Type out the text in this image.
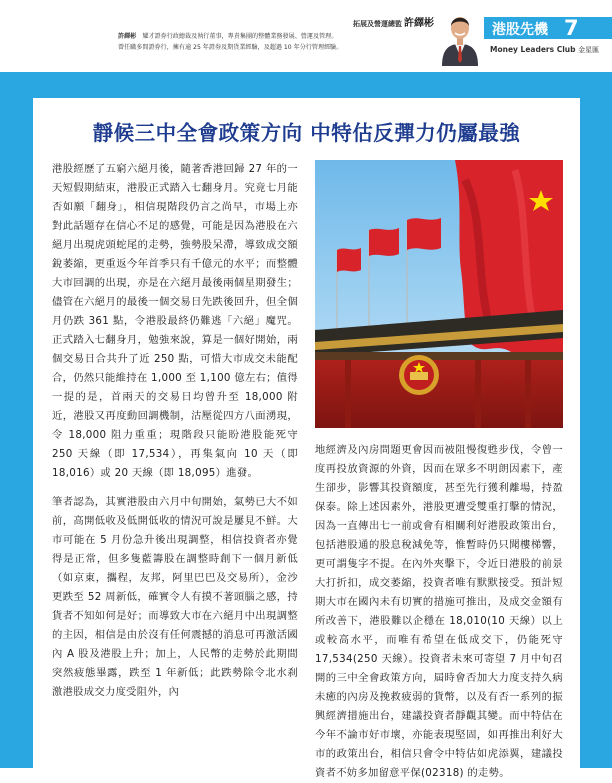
拓展及營運總監 許繹彬
許繹彬　 耀才證券行政總裁及執行董事，專責集團的整體業務發展、營運及管理。
曾任職多間證券行，擁有逾 25 年證券及期貨業經驗，及超過 10 年分行管理經驗。
港股先機 7
Money Leaders Club 金星匯
靜候三中全會政策方向 中特估反彈力仍屬最強

港股經歷了五窮六絕月後，隨著香港回歸 27 年的一天短假期結束，港股正式踏入七翻身月。究竟七月能否如願「翻身」，相信現階段仍言之尚早，市場上亦對此話題存在信心不足的感覺，可能是因為港股在六絕月出現虎頭蛇尾的走勢，強勢股呆滯，導致成交額銳萎縮，更重返今年首季只有千億元的水平；而整體大市回調的出現，亦是在六絕月最後兩個星期發生；儘管在六絕月的最後一個交易日先跌後回升，但全個月仍跌 361 點，令港股最終仍難逃「六絕」魔咒。正式踏入七翻身月，勉強來說，算是一個好開始，兩個交易日合共升了近 250 點，可惜大市成交未能配合，仍然只能維持在 1,000 至 1,100 億左右；值得一提的是，首兩天的交易日均曾升至 18,000 附近，港股又再度動回調機制，沽壓從四方八面湧現，令 18,000 阻力重重；現階段只能盼港股能死守 250 天線（即 17,534），再集氣向 10 天（即 18,016）或 20 天線（即 18,095）進發。

筆者認為，其實港股由六月中旬開始，氣勢已大不如前，高開低收及低開低收的情況可說是屢見不鮮。大市可能在 5 月份急升後出現調整，相信投資者亦覺得是正常，但多隻藍籌股在調整時創下一個月新低（如京東，攜程，友邦，阿里巴巴及交易所），金沙更跌至 52 周新低，確實令人有摸不著頭腦之感，持貨者不知如何是好；而導致大市在六絕月中出現調整的主因，相信是由於沒有任何震撼的消息可再激活國內 A 股及港股上升；加上，人民幣的走勢於此期間突然疲態畢露，跌至 1 年新低；此跌勢除令北水刹激港股成交力度受阻外，內

地經濟及內房問題更會因而被阻慢復甦步伐，令曾一度再投放資源的外資，因而在眾多不明朗因素下，產生卻步，影響其投資額度，甚至先行獲利離場，持盈保泰。除上述因素外，港股更遭受雙重打擊的情況，因為一直傳出七一前或會有相關利好港股政策出台，包括港股通的股息稅減免等，惟暫時仍只聞樓梯響，更可謂隻字不提。在內外夾擊下，令近日港股的前景大打折扣，成交萎縮，投資者唯有默默接受。預計短期大市在國內未有切實的措施可推出，及成交金額有所改善下，港股難以企穩在 18,010(10 天線）以上或較高水平，而唯有希望在低成交下，仍能死守 17,534(250 天線）。投資者未來可寄望 7 月中旬召開的三中全會政策方向，屆時會否加大力度支持久病未癒的內房及挽救疲弱的貨幣，以及有否一系列的振興經濟措施出台，建議投資者靜觀其變。而中特估在今年不論市好市壞，亦能表現堅固，如再推出利好大市的政策出台，相信只會令中特估如虎添翼，建議投資者不妨多加留意平保(02318) 的走勢。
